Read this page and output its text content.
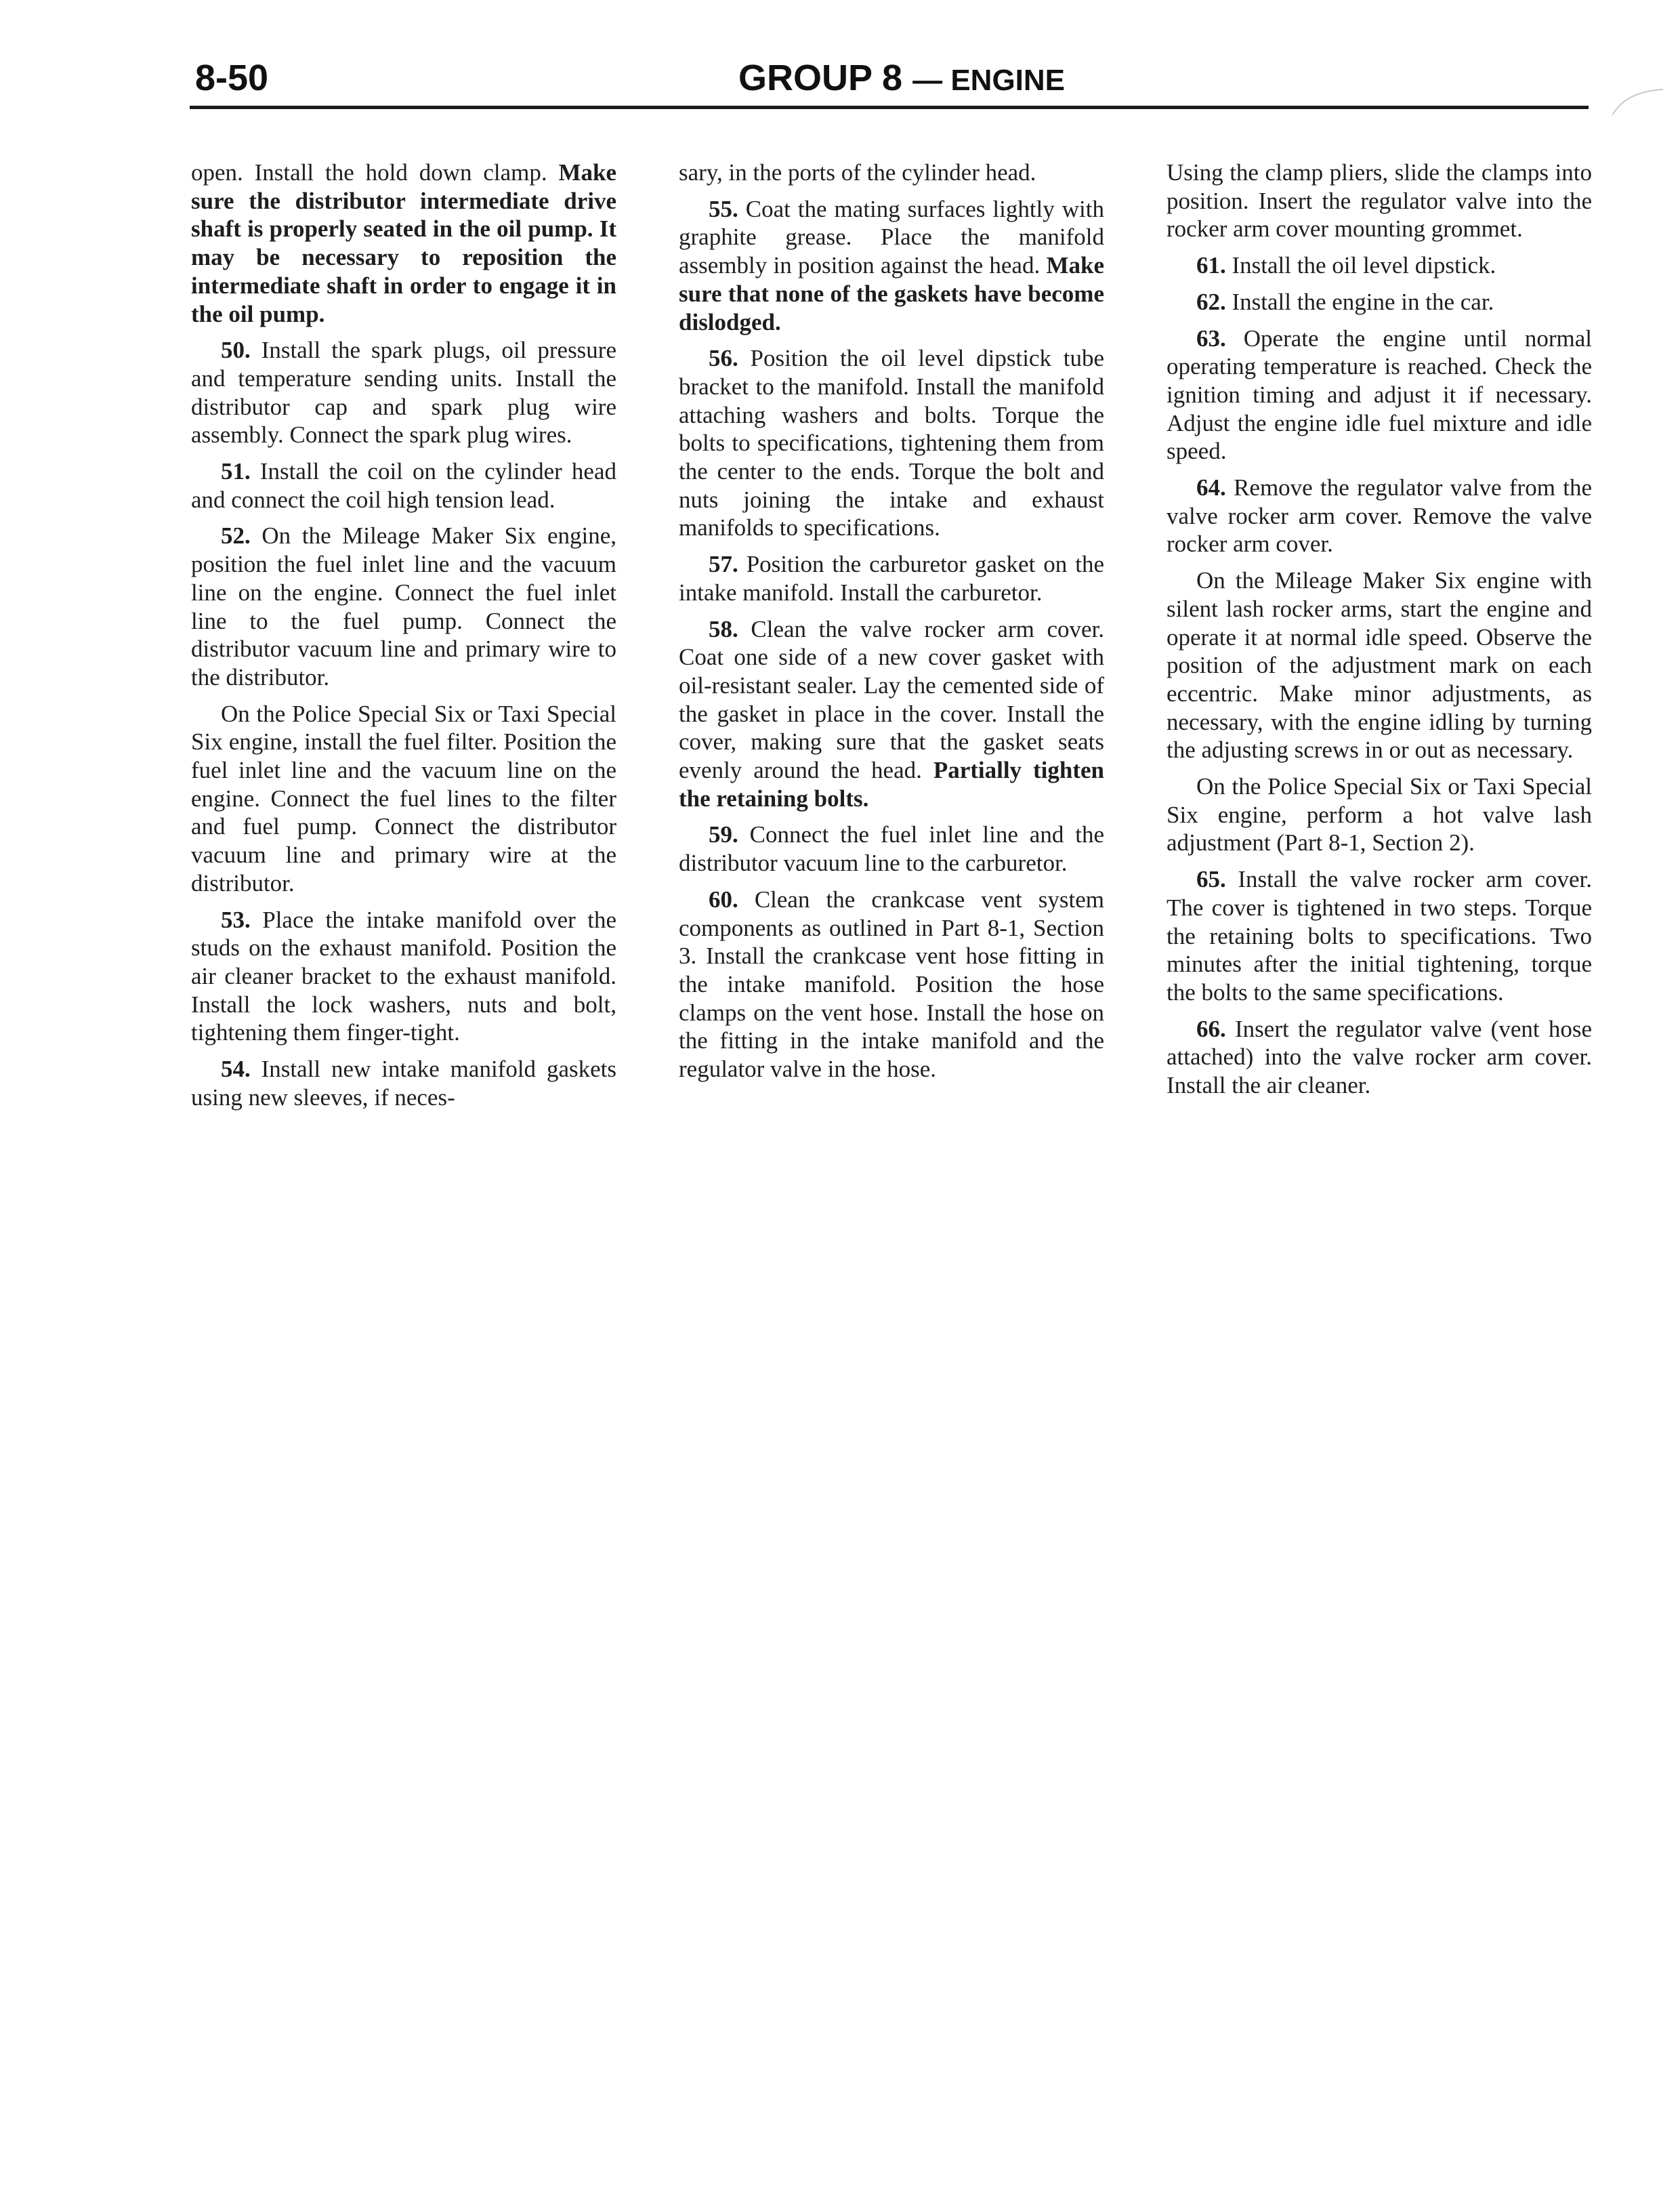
8-50	GROUP 8 — ENGINE

open. Install the hold down clamp. Make sure the distributor intermediate drive shaft is properly seated in the oil pump. It may be necessary to reposition the intermediate shaft in order to engage it in the oil pump.

50. Install the spark plugs, oil pressure and temperature sending units. Install the distributor cap and spark plug wire assembly. Connect the spark plug wires.

51. Install the coil on the cylinder head and connect the coil high tension lead.

52. On the Mileage Maker Six engine, position the fuel inlet line and the vacuum line on the engine. Connect the fuel inlet line to the fuel pump. Connect the distributor vacuum line and primary wire to the distributor.

On the Police Special Six or Taxi Special Six engine, install the fuel filter. Position the fuel inlet line and the vacuum line on the engine. Connect the fuel lines to the filter and fuel pump. Connect the distributor vacuum line and primary wire at the distributor.

53. Place the intake manifold over the studs on the exhaust manifold. Position the air cleaner bracket to the exhaust manifold. Install the lock washers, nuts and bolt, tightening them finger-tight.

54. Install new intake manifold gaskets using new sleeves, if neces-

sary, in the ports of the cylinder head.

55. Coat the mating surfaces lightly with graphite grease. Place the manifold assembly in position against the head. Make sure that none of the gaskets have become dislodged.

56. Position the oil level dipstick tube bracket to the manifold. Install the manifold attaching washers and bolts. Torque the bolts to specifications, tightening them from the center to the ends. Torque the bolt and nuts joining the intake and exhaust manifolds to specifications.

57. Position the carburetor gasket on the intake manifold. Install the carburetor.

58. Clean the valve rocker arm cover. Coat one side of a new cover gasket with oil-resistant sealer. Lay the cemented side of the gasket in place in the cover. Install the cover, making sure that the gasket seats evenly around the head. Partially tighten the retaining bolts.

59. Connect the fuel inlet line and the distributor vacuum line to the carburetor.

60. Clean the crankcase vent system components as outlined in Part 8-1, Section 3. Install the crankcase vent hose fitting in the intake manifold. Position the hose clamps on the vent hose. Install the hose on the fitting in the intake manifold and the regulator valve in the hose.

Using the clamp pliers, slide the clamps into position. Insert the regulator valve into the rocker arm cover mounting grommet.

61. Install the oil level dipstick.

62. Install the engine in the car.

63. Operate the engine until normal operating temperature is reached. Check the ignition timing and adjust it if necessary. Adjust the engine idle fuel mixture and idle speed.

64. Remove the regulator valve from the valve rocker arm cover. Remove the valve rocker arm cover.

On the Mileage Maker Six engine with silent lash rocker arms, start the engine and operate it at normal idle speed. Observe the position of the adjustment mark on each eccentric. Make minor adjustments, as necessary, with the engine idling by turning the adjusting screws in or out as necessary.

On the Police Special Six or Taxi Special Six engine, perform a hot valve lash adjustment (Part 8-1, Section 2).

65. Install the valve rocker arm cover. The cover is tightened in two steps. Torque the retaining bolts to specifications. Two minutes after the initial tightening, torque the bolts to the same specifications.

66. Insert the regulator valve (vent hose attached) into the valve rocker arm cover. Install the air cleaner.
